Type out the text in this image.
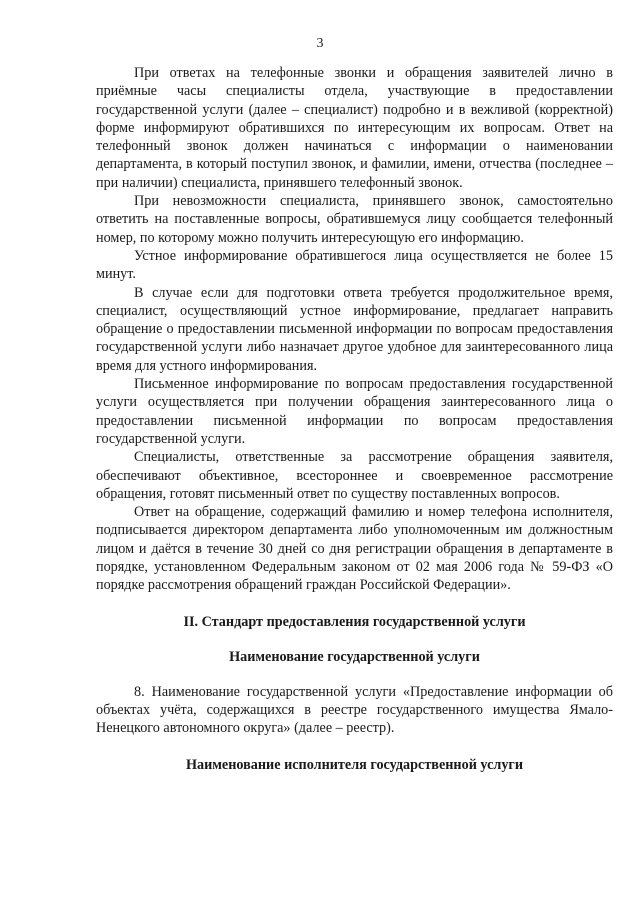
3

При ответах на телефонные звонки и обращения заявителей лично в приёмные часы специалисты отдела, участвующие в предоставлении государственной услуги (далее – специалист) подробно и в вежливой (корректной) форме информируют обратившихся по интересующим их вопросам. Ответ на телефонный звонок должен начинаться с информации о наименовании департамента, в который поступил звонок, и фамилии, имени, отчества (последнее – при наличии) специалиста, принявшего телефонный звонок.

При невозможности специалиста, принявшего звонок, самостоятельно ответить на поставленные вопросы, обратившемуся лицу сообщается телефонный номер, по которому можно получить интересующую его информацию.

Устное информирование обратившегося лица осуществляется не более 15 минут.

В случае если для подготовки ответа требуется продолжительное время, специалист, осуществляющий устное информирование, предлагает направить обращение о предоставлении письменной информации по вопросам предоставления государственной услуги либо назначает другое удобное для заинтересованного лица время для устного информирования.

Письменное информирование по вопросам предоставления государственной услуги осуществляется при получении обращения заинтересованного лица о предоставлении письменной информации по вопросам предоставления государственной услуги.

Специалисты, ответственные за рассмотрение обращения заявителя, обеспечивают объективное, всестороннее и своевременное рассмотрение обращения, готовят письменный ответ по существу поставленных вопросов.

Ответ на обращение, содержащий фамилию и номер телефона исполнителя, подписывается директором департамента либо уполномоченным им должностным лицом и даётся в течение 30 дней со дня регистрации обращения в департаменте в порядке, установленном Федеральным законом от 02 мая 2006 года № 59-ФЗ «О порядке рассмотрения обращений граждан Российской Федерации».

II. Стандарт предоставления государственной услуги
Наименование государственной услуги

8. Наименование государственной услуги «Предоставление информации об объектах учёта, содержащихся в реестре государственного имущества Ямало-Ненецкого автономного округа» (далее – реестр).

Наименование исполнителя государственной услуги
